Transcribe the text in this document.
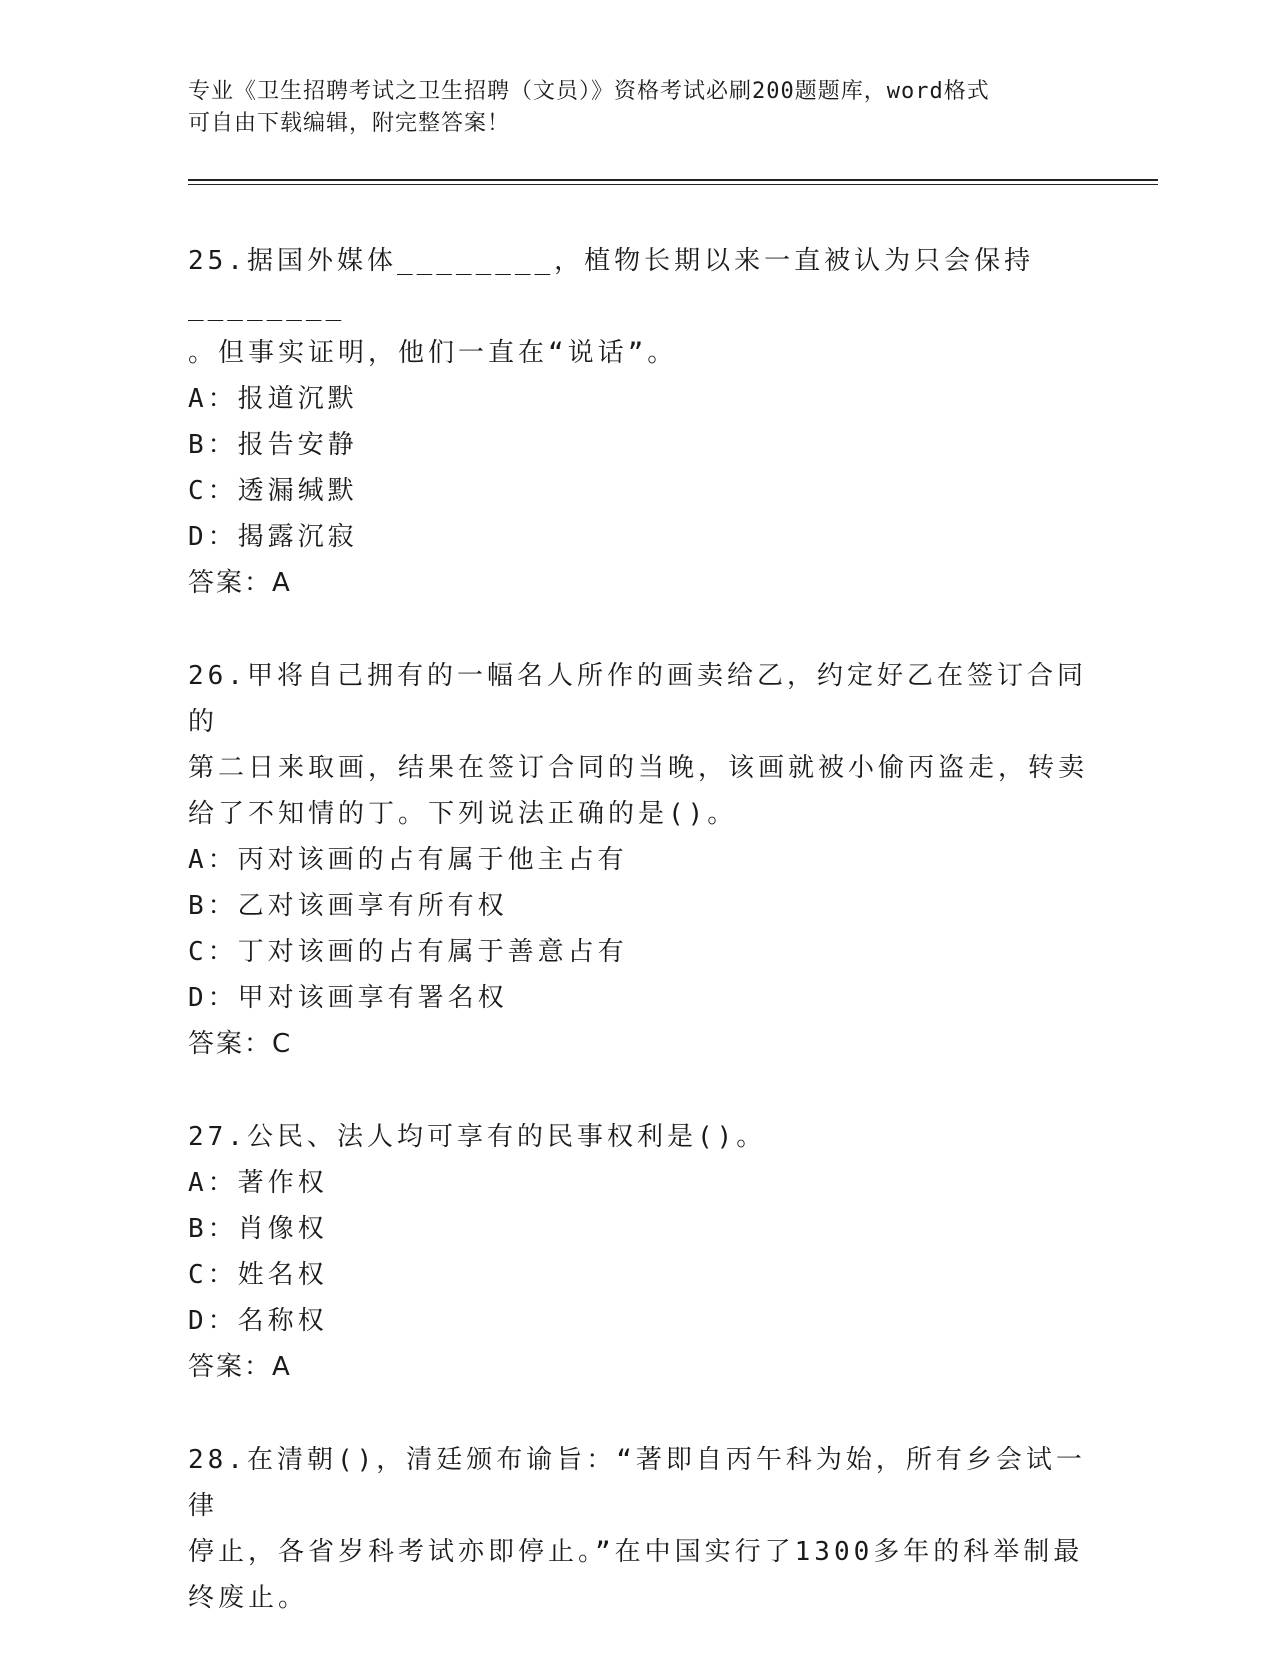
专业《卫生招聘考试之卫生招聘（文员）》资格考试必刷200题题库，word格式
可自由下载编辑，附完整答案！
25.据国外媒体________，植物长期以来一直被认为只会保持________
。但事实证明，他们一直在“说话”。
A：报道沉默
B：报告安静
C：透漏缄默
D：揭露沉寂
答案：A
26.甲将自己拥有的一幅名人所作的画卖给乙，约定好乙在签订合同的
第二日来取画，结果在签订合同的当晚，该画就被小偷丙盗走，转卖
给了不知情的丁。下列说法正确的是()。
A：丙对该画的占有属于他主占有
B：乙对该画享有所有权
C：丁对该画的占有属于善意占有
D：甲对该画享有署名权
答案：C
27.公民、法人均可享有的民事权利是()。
A：著作权
B：肖像权
C：姓名权
D：名称权
答案：A
28.在清朝()，清廷颁布谕旨：“著即自丙午科为始，所有乡会试一律
停止，各省岁科考试亦即停止。”在中国实行了1300多年的科举制最
终废止。
